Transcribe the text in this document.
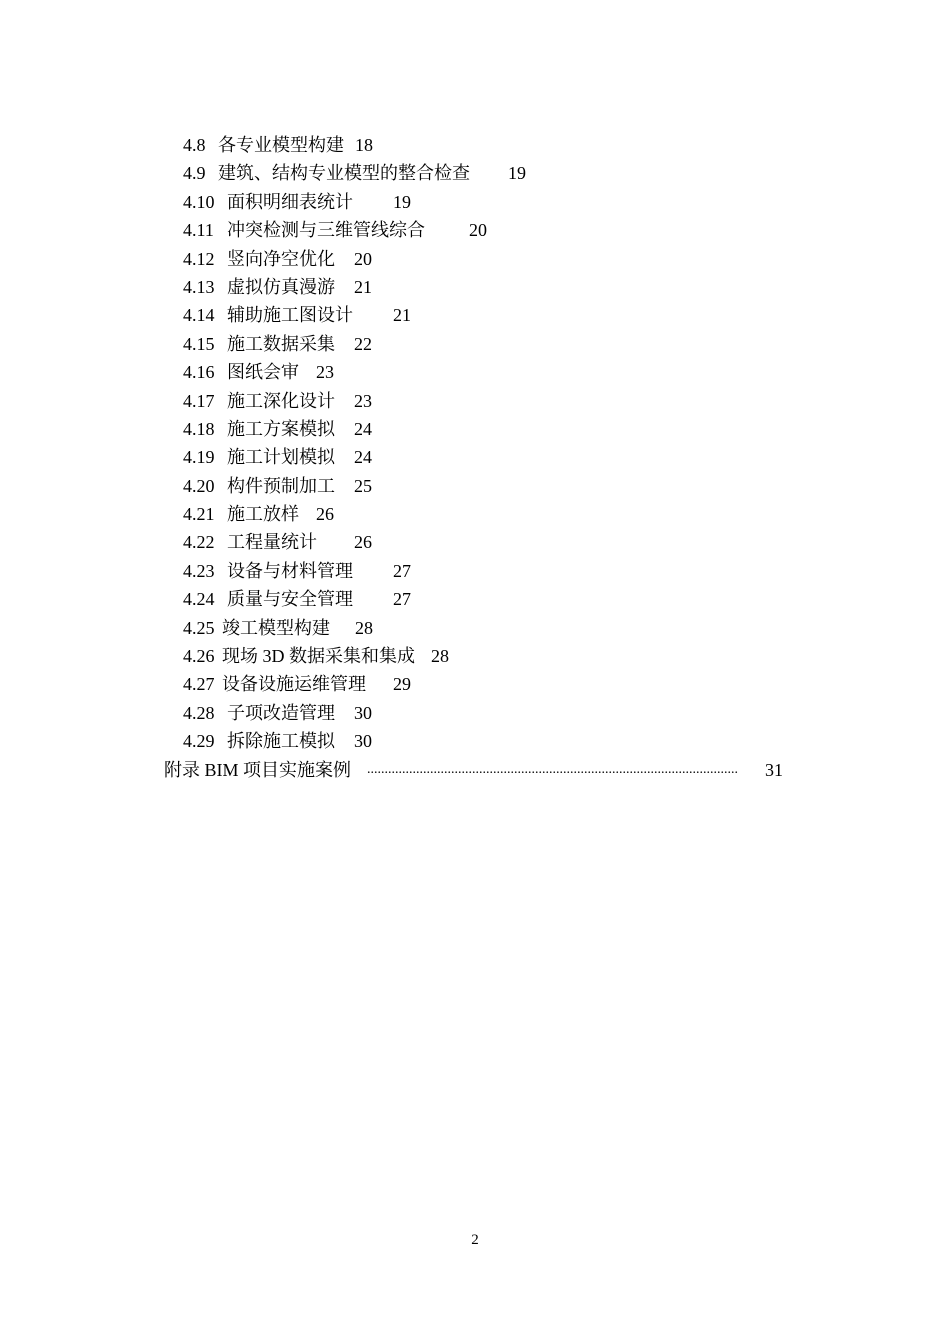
4.8 各专业模型构建 18
4.9 建筑、结构专业模型的整合检查 19
4.10 面积明细表统计 19
4.11 冲突检测与三维管线综合 20
4.12 竖向净空优化 20
4.13 虚拟仿真漫游 21
4.14 辅助施工图设计 21
4.15 施工数据采集 22
4.16 图纸会审 23
4.17 施工深化设计 23
4.18 施工方案模拟 24
4.19 施工计划模拟 24
4.20 构件预制加工 25
4.21 施工放样 26
4.22 工程量统计 26
4.23 设备与材料管理 27
4.24 质量与安全管理 27
4.25 竣工模型构建 28
4.26 现场 3D 数据采集和集成 28
4.27 设备设施运维管理 29
4.28 子项改造管理 30
4.29 拆除施工模拟 30
附录 BIM 项目实施案例 ..........................................................................................................	31
2
